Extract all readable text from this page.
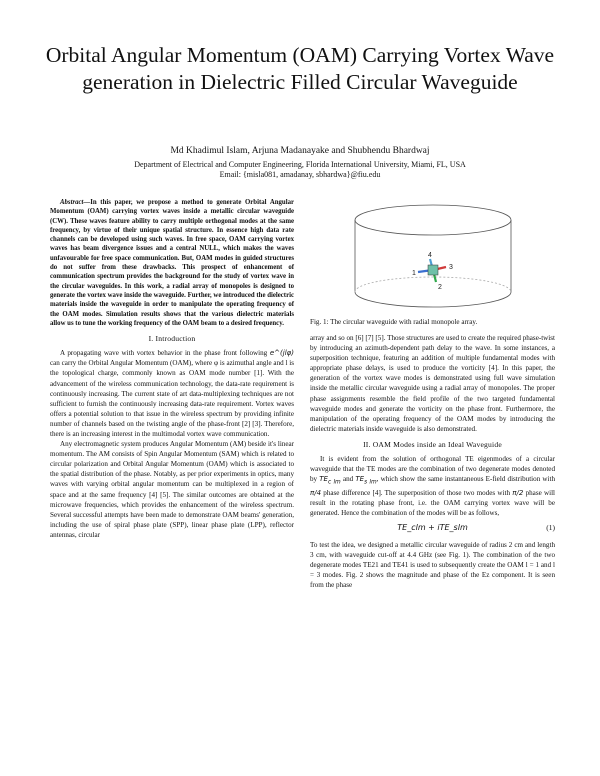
Orbital Angular Momentum (OAM) Carrying Vortex Wave generation in Dielectric Filled Circular Waveguide
Md Khadimul Islam, Arjuna Madanayake and Shubhendu Bhardwaj
Department of Electrical and Computer Engineering, Florida International University, Miami, FL, USA
Email: {misla081, amadanay, sbhardwa}@fiu.edu

Abstract—In this paper, we propose a method to generate Orbital Angular Momentum (OAM) carrying vortex waves inside a metallic circular waveguide (CW). These waves feature ability to carry multiple orthogonal modes at the same frequency, by virtue of their unique spatial structure. In essence high data rate channels can be developed using such waves. In free space, OAM carrying vortex waves has beam divergence issues and a central NULL, which makes the waves unfavourable for free space communication. But, OAM modes in guided structures do not suffer from these drawbacks. This prospect of enhancement of communication spectrum provides the background for the study of vortex wave in the circular waveguides. In this work, a radial array of monopoles is designed to generate the vortex wave inside the waveguide. Further, we introduced the dielectric materials inside the waveguide in order to manipulate the operating frequency of the OAM modes. Simulation results shows that the various dielectric materials allow us to tune the working frequency of the OAM beam to a desired frequency.

I. Introduction

A propagating wave with vortex behavior in the phase front following e^(jlφ) can carry the Orbital Angular Momentum (OAM), where φ is azimuthal angle and l is the topological charge, commonly known as OAM mode number [1]. With the advancement of the wireless communication technology, the data-rate requirement is continuously increasing. The current state of art data-multiplexing techniques are not sufficient to furnish the continuously increasing data-rate requirement. Vortex waves offers a potential solution to that issue in the wireless spectrum by providing infinite number of channels based on the twisting angle of the phase-front [2] [3]. Therefore, there is an increasing interest in the multimodal vortex wave communication.

Any electromagnetic system produces Angular Momentum (AM) beside it's linear momentum. The AM consists of Spin Angular Momentum (SAM) which is related to circular polarization and Orbital Angular Momentum (OAM) which is associated to the spatial distribution of the phase. Notably, as per prior experiments in optics, many waves with varying orbital angular momentum can be multiplexed in a region of space and at the same frequency [4] [5]. The similar outcomes are obtained at the microwave frequencies, which provides the enhancement of the wireless spectrum. Several successful attempts have been made to demonstrate OAM beams' generation, including the use of spiral phase plate (SPP), linear phase plate (LPP), reflector antennas, circular

1
2
3
4
Fig. 1: The circular waveguide with radial monopole array.

array and so on [6] [7] [5]. Those structures are used to create the required phase-twist by introducing an azimuth-dependent path delay to the wave. In some instances, a superposition technique, featuring an addition of multiple fundamental modes with appropriate phase delays, is used to produce the vorticity [4]. In this paper, the generation of the vortex wave modes is demonstrated using full wave simulation inside the metallic circular waveguide using a radial array of monopoles. The proper phase assignments resemble the field profile of the two targeted fundamental waveguide modes and generate the vorticity on the phase front. Furthermore, the manipulation of the operating frequency of the OAM modes by introducing the dielectric materials inside waveguide is also demonstrated.

II. OAM Modes inside an Ideal Waveguide

It is evident from the solution of orthogonal TE eigenmodes of a circular waveguide that the TE modes are the combination of two degenerate modes denoted by $TE_{c lm}$ and $TE_{s lm}$, which show the same instantaneous E-field distribution with π/4 phase difference [4]. The superposition of those two modes with π/2 phase will result in the rotating phase front, i.e. the OAM carrying vortex wave will be generated. Hence the combination of the modes will be as follows,

TE_clm + iTE_slm	(1)

To test the idea, we designed a metallic circular waveguide of radius 2 cm and length 3 cm, with waveguide cut-off at 4.4 GHz (see Fig. 1). The combination of the two degenerate modes TE21 and TE41 is used to subsequently create the OAM l = 1 and l = 3 modes. Fig. 2 shows the magnitude and phase of the Ez component. It is seen from the phase
